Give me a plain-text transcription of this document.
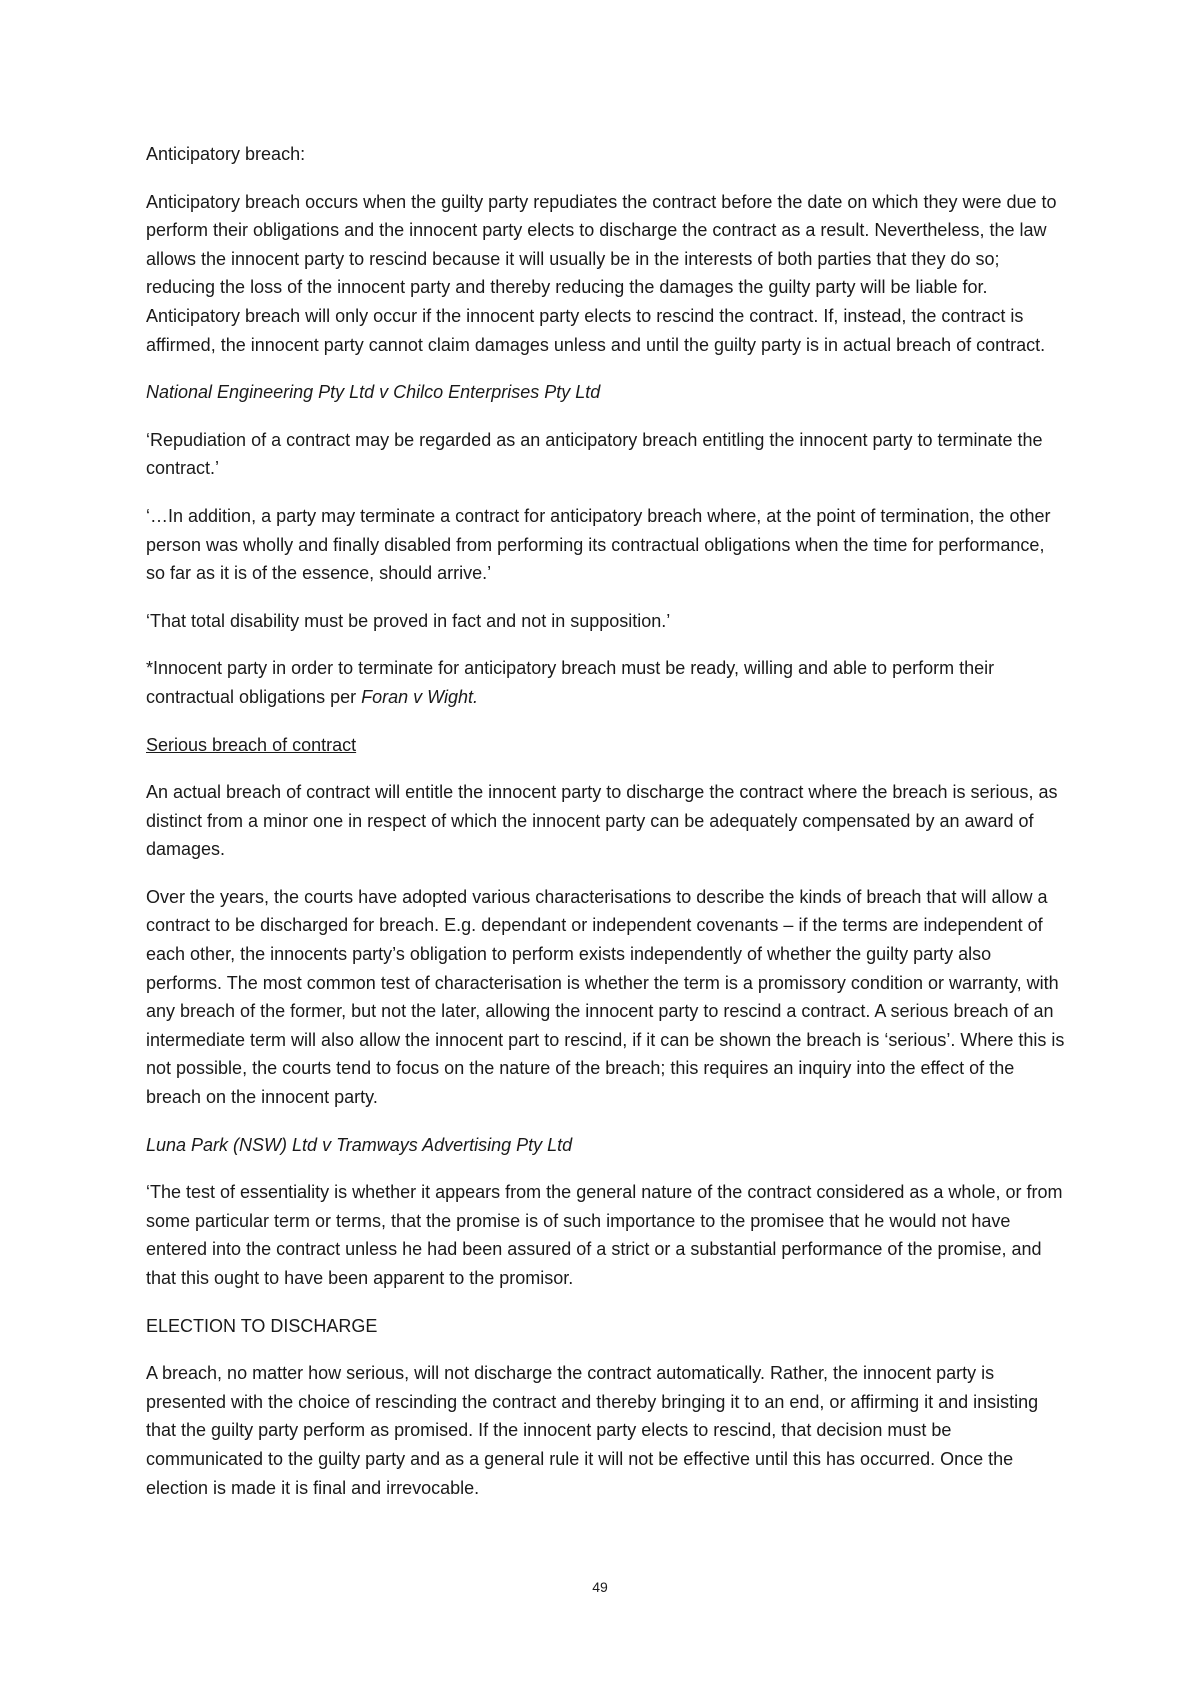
Anticipatory breach:

Anticipatory breach occurs when the guilty party repudiates the contract before the date on which they were due to perform their obligations and the innocent party elects to discharge the contract as a result. Nevertheless, the law allows the innocent party to rescind because it will usually be in the interests of both parties that they do so; reducing the loss of the innocent party and thereby reducing the damages the guilty party will be liable for. Anticipatory breach will only occur if the innocent party elects to rescind the contract. If, instead, the contract is affirmed, the innocent party cannot claim damages unless and until the guilty party is in actual breach of contract.

National Engineering Pty Ltd v Chilco Enterprises Pty Ltd

‘Repudiation of a contract may be regarded as an anticipatory breach entitling the innocent party to terminate the contract.’

‘…In addition, a party may terminate a contract for anticipatory breach where, at the point of termination, the other person was wholly and finally disabled from performing its contractual obligations when the time for performance, so far as it is of the essence, should arrive.’

‘That total disability must be proved in fact and not in supposition.’

*Innocent party in order to terminate for anticipatory breach must be ready, willing and able to perform their contractual obligations per Foran v Wight.

Serious breach of contract

An actual breach of contract will entitle the innocent party to discharge the contract where the breach is serious, as distinct from a minor one in respect of which the innocent party can be adequately compensated by an award of damages.

Over the years, the courts have adopted various characterisations to describe the kinds of breach that will allow a contract to be discharged for breach. E.g. dependant or independent covenants – if the terms are independent of each other, the innocents party’s obligation to perform exists independently of whether the guilty party also performs. The most common test of characterisation is whether the term is a promissory condition or warranty, with any breach of the former, but not the later, allowing the innocent party to rescind a contract. A serious breach of an intermediate term will also allow the innocent part to rescind, if it can be shown the breach is ‘serious’. Where this is not possible, the courts tend to focus on the nature of the breach; this requires an inquiry into the effect of the breach on the innocent party.

Luna Park (NSW) Ltd v Tramways Advertising Pty Ltd

‘The test of essentiality is whether it appears from the general nature of the contract considered as a whole, or from some particular term or terms, that the promise is of such importance to the promisee that he would not have entered into the contract unless he had been assured of a strict or a substantial performance of the promise, and that this ought to have been apparent to the promisor.

ELECTION TO DISCHARGE

A breach, no matter how serious, will not discharge the contract automatically. Rather, the innocent party is presented with the choice of rescinding the contract and thereby bringing it to an end, or affirming it and insisting that the guilty party perform as promised. If the innocent party elects to rescind, that decision must be communicated to the guilty party and as a general rule it will not be effective until this has occurred. Once the election is made it is final and irrevocable.

49
